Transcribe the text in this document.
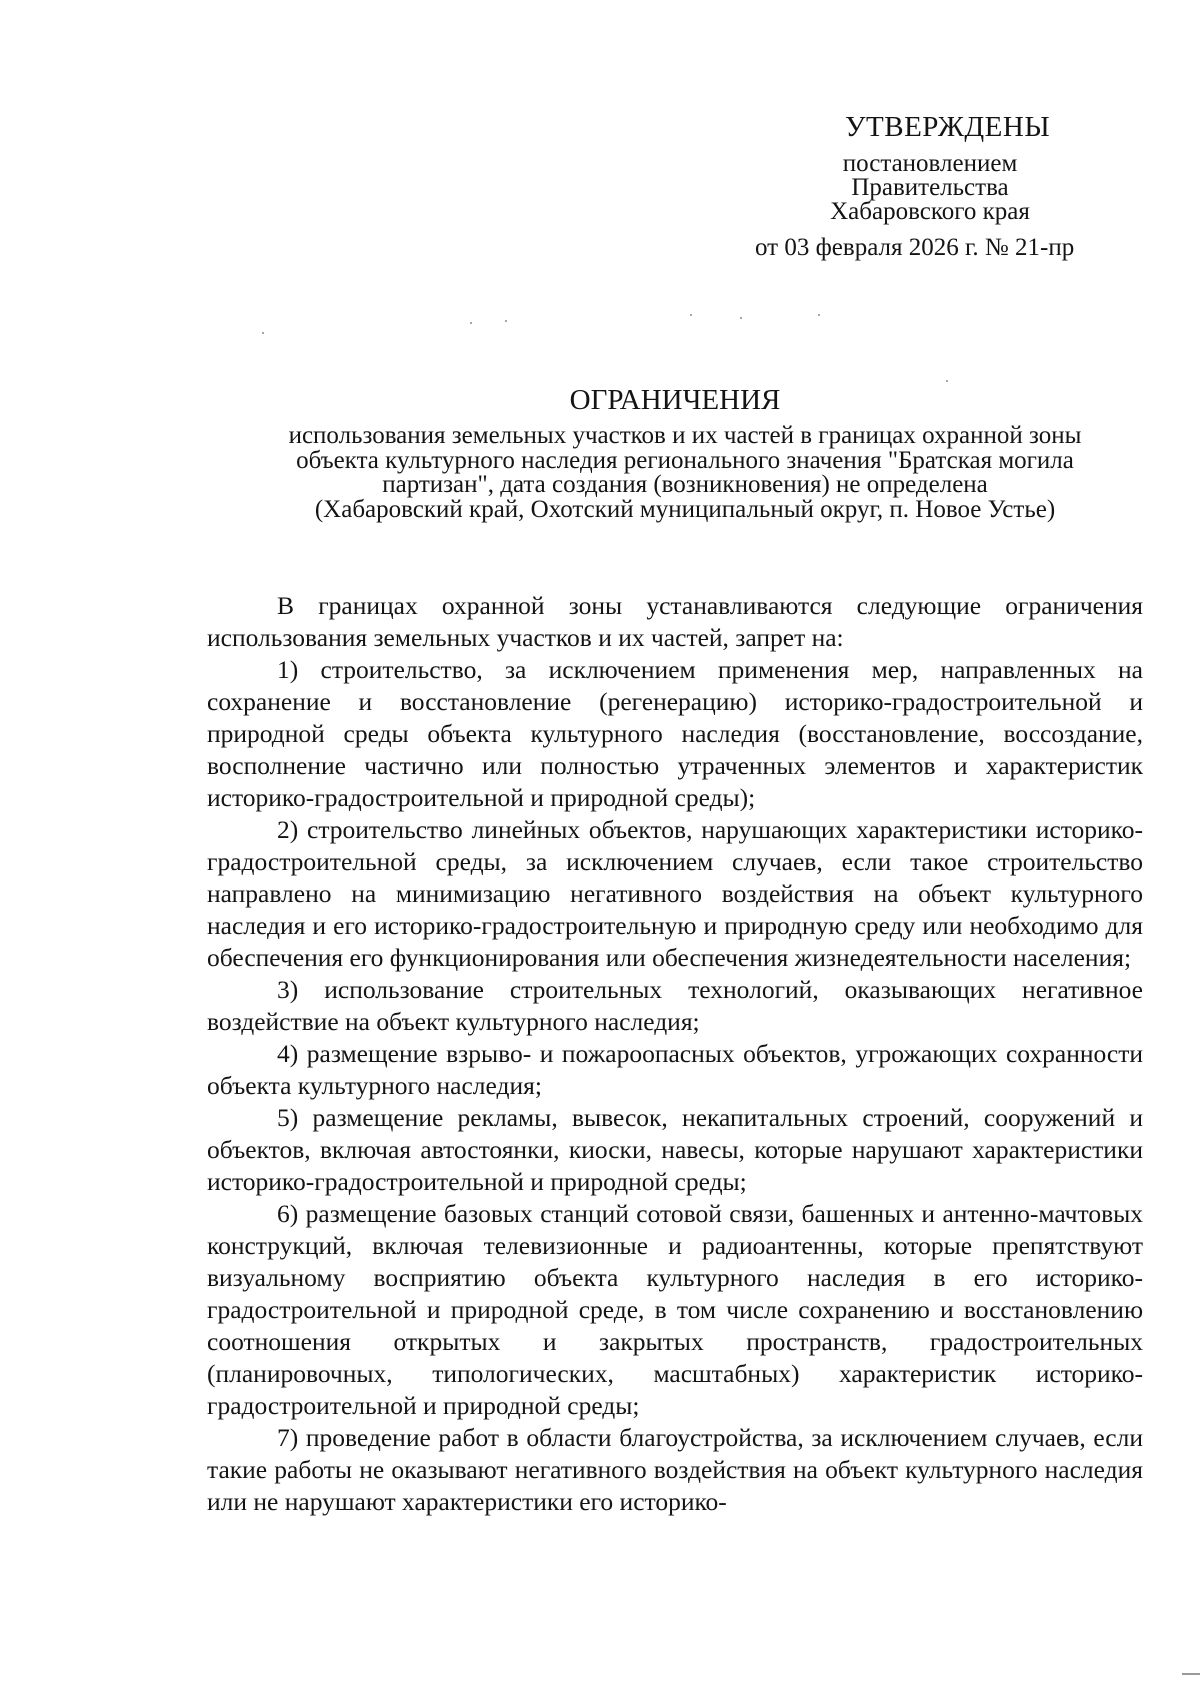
УТВЕРЖДЕНЫ
постановлением
Правительства
Хабаровского края
от 03 февраля 2026 г. № 21-пр
ОГРАНИЧЕНИЯ
использования земельных участков и их частей в границах охранной зоны
объекта культурного наследия регионального значения "Братская могила
партизан", дата создания (возникновения) не определена
(Хабаровский край, Охотский муниципальный округ, п. Новое Устье)

В границах охранной зоны устанавливаются следующие ограничения использования земельных участков и их частей, запрет на:

1) строительство, за исключением применения мер, направленных на сохранение и восстановление (регенерацию) историко-градостроительной и природной среды объекта культурного наследия (восстановление, воссоздание, восполнение частично или полностью утраченных элементов и характеристик историко-градостроительной и природной среды);

2) строительство линейных объектов, нарушающих характеристики историко-градостроительной среды, за исключением случаев, если такое строительство направлено на минимизацию негативного воздействия на объект культурного наследия и его историко-градостроительную и природную среду или необходимо для обеспечения его функционирования или обеспечения жизнедеятельности населения;

3) использование строительных технологий, оказывающих негативное воздействие на объект культурного наследия;

4) размещение взрыво- и пожароопасных объектов, угрожающих сохранности объекта культурного наследия;

5) размещение рекламы, вывесок, некапитальных строений, сооружений и объектов, включая автостоянки, киоски, навесы, которые нарушают характеристики историко-градостроительной и природной среды;

6) размещение базовых станций сотовой связи, башенных и антенно-мачтовых конструкций, включая телевизионные и радиоантенны, которые препятствуют визуальному восприятию объекта культурного наследия в его историко-градостроительной и природной среде, в том числе сохранению и восстановлению соотношения открытых и закрытых пространств, градостроительных (планировочных, типологических, масштабных) характеристик историко-градостроительной и природной среды;

7) проведение работ в области благоустройства, за исключением случаев, если такие работы не оказывают негативного воздействия на объект культурного наследия или не нарушают характеристики его историко-
